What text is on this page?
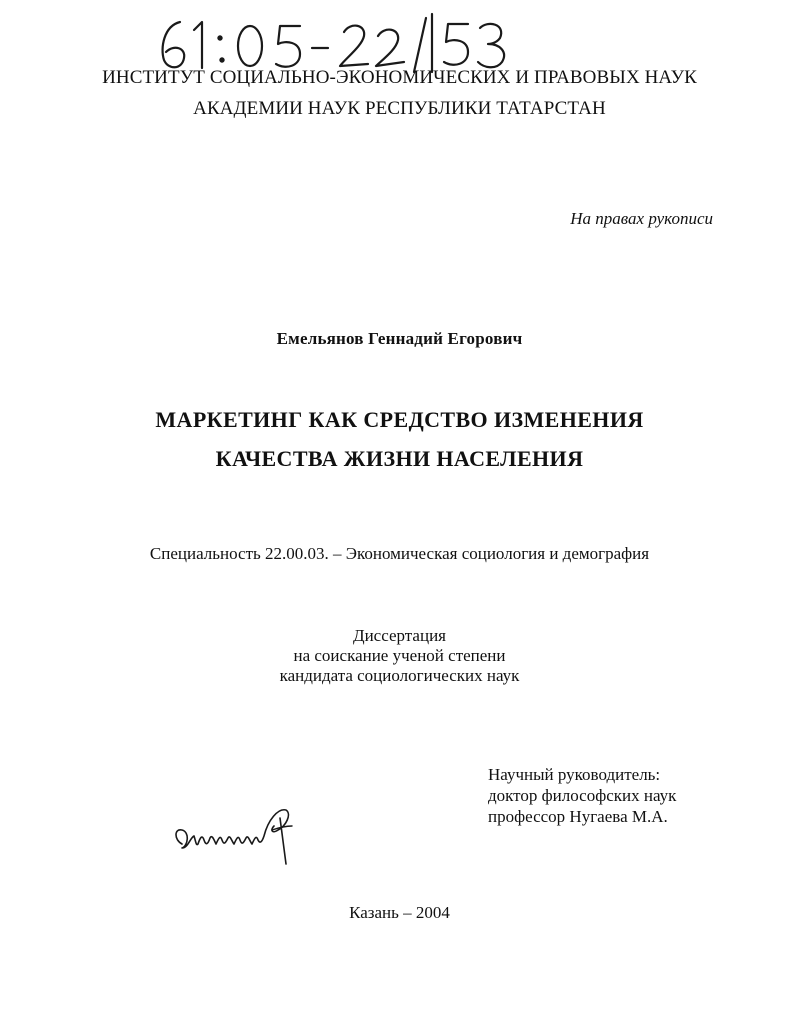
ИНСТИТУТ СОЦИАЛЬНО-ЭКОНОМИЧЕСКИХ И ПРАВОВЫХ НАУК
АКАДЕМИИ НАУК РЕСПУБЛИКИ ТАТАРСТАН
На правах рукописи
Емельянов Геннадий Егорович
МАРКЕТИНГ КАК СРЕДСТВО ИЗМЕНЕНИЯ
КАЧЕСТВА ЖИЗНИ НАСЕЛЕНИЯ
Специальность 22.00.03. – Экономическая социология и демография
Диссертация
на соискание ученой степени
кандидата социологических наук
Научный руководитель:
доктор философских наук
профессор Нугаева М.А.
Казань – 2004
